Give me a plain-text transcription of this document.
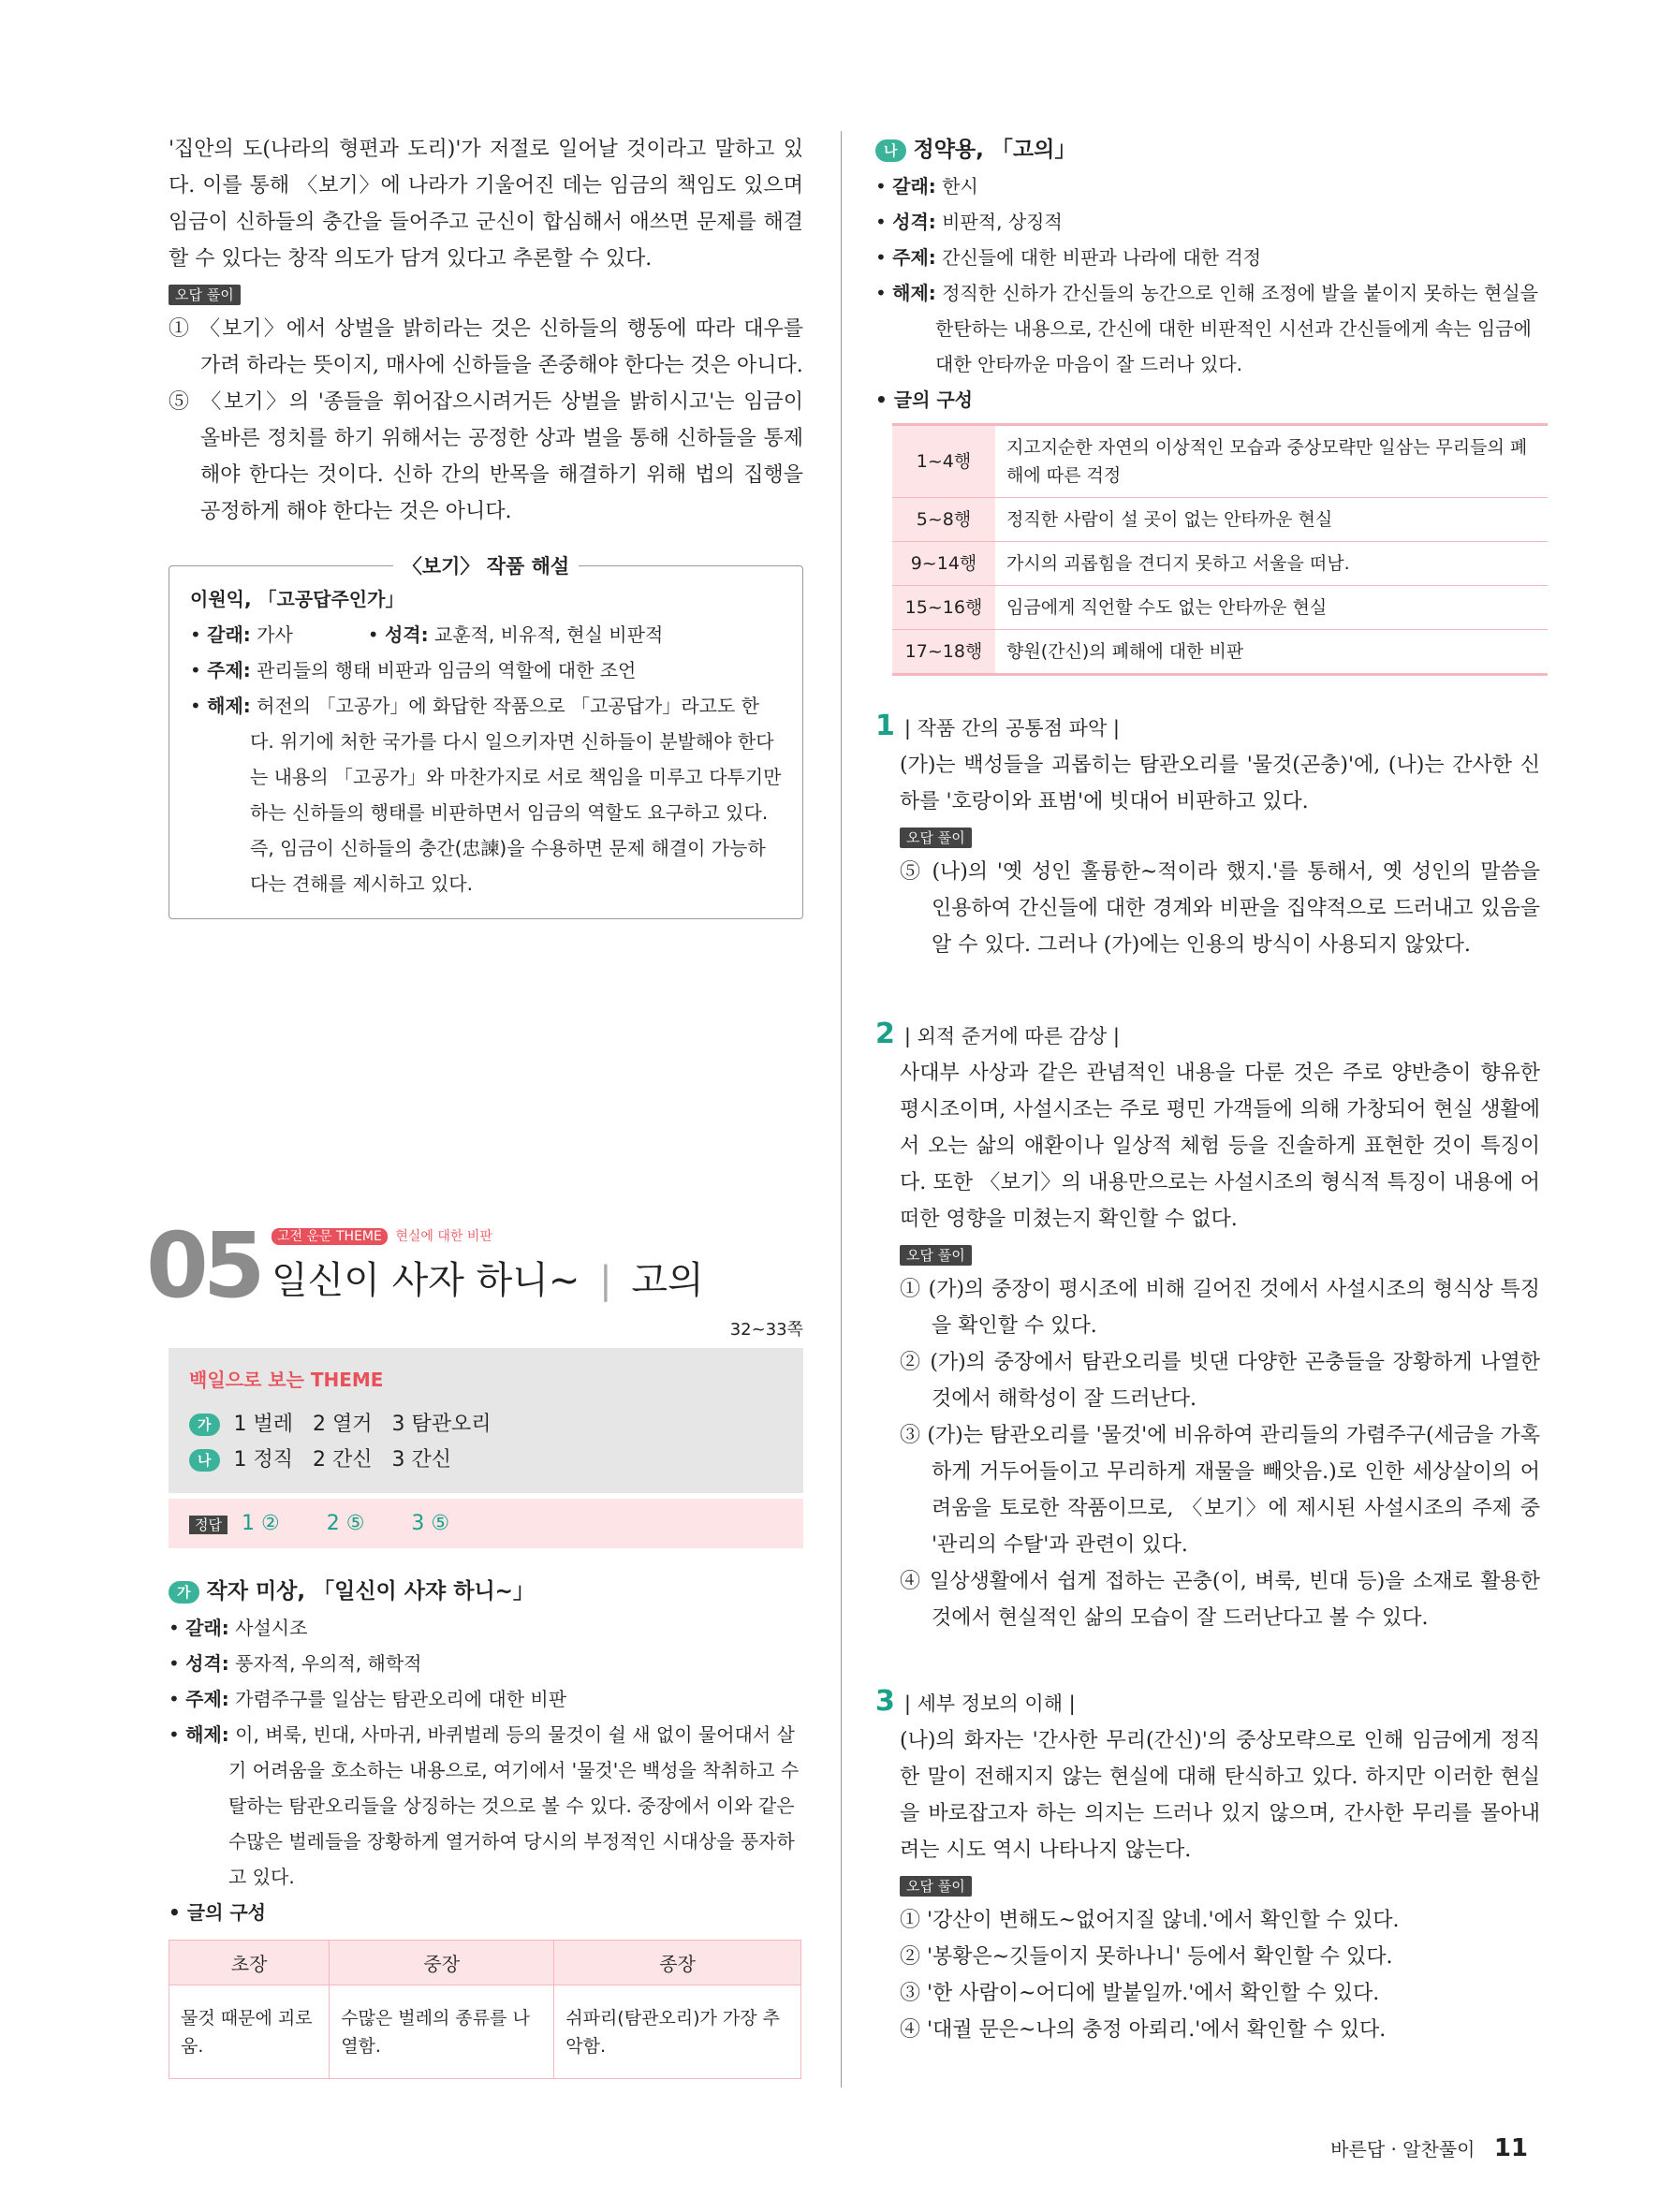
'집안의 도(나라의 형편과 도리)'가 저절로 일어날 것이라고 말하고 있다. 이를 통해 〈보기〉에 나라가 기울어진 데는 임금의 책임도 있으며 임금이 신하들의 충간을 들어주고 군신이 합심해서 애쓰면 문제를 해결할 수 있다는 창작 의도가 담겨 있다고 추론할 수 있다.

오답 풀이

① 〈보기〉에서 상벌을 밝히라는 것은 신하들의 행동에 따라 대우를 가려 하라는 뜻이지, 매사에 신하들을 존중해야 한다는 것은 아니다.

⑤ 〈보기〉의 '종들을 휘어잡으시려거든 상벌을 밝히시고'는 임금이 올바른 정치를 하기 위해서는 공정한 상과 벌을 통해 신하들을 통제해야 한다는 것이다. 신하 간의 반목을 해결하기 위해 법의 집행을 공정하게 해야 한다는 것은 아니다.

〈보기〉 작품 해설
이원익, 「고공답주인가」
• 갈래: 가사	• 성격: 교훈적, 비유적, 현실 비판적
• 주제: 관리들의 행태 비판과 임금의 역할에 대한 조언
• 해제: 허전의 「고공가」에 화답한 작품으로 「고공답가」라고도 한다. 위기에 처한 국가를 다시 일으키자면 신하들이 분발해야 한다는 내용의 「고공가」와 마찬가지로 서로 책임을 미루고 다투기만 하는 신하들의 행태를 비판하면서 임금의 역할도 요구하고 있다. 즉, 임금이 신하들의 충간(忠諫)을 수용하면 문제 해결이 가능하다는 견해를 제시하고 있다.
05	고전 운문 THEME 현실에 대한 비판
일신이 사자 하니~ | 고의
32~33쪽
백일으로 보는 THEME
가 1 벌레 2 열거 3 탐관오리
나 1 정직 2 간신 3 간신
정답 1 ② 2 ⑤ 3 ⑤
가 작자 미상, 「일신이 사쟈 하니~」
• 갈래: 사설시조
• 성격: 풍자적, 우의적, 해학적
• 주제: 가렴주구를 일삼는 탐관오리에 대한 비판
• 해제: 이, 벼룩, 빈대, 사마귀, 바퀴벌레 등의 물것이 쉴 새 없이 물어대서 살기 어려움을 호소하는 내용으로, 여기에서 '물것'은 백성을 착취하고 수탈하는 탐관오리들을 상징하는 것으로 볼 수 있다. 중장에서 이와 같은 수많은 벌레들을 장황하게 열거하여 당시의 부정적인 시대상을 풍자하고 있다.
• 글의 구성
초장	중장	종장
물것 때문에 괴로움.	수많은 벌레의 종류를 나열함.	쉬파리(탐관오리)가 가장 추악함.
나 정약용, 「고의」
• 갈래: 한시
• 성격: 비판적, 상징적
• 주제: 간신들에 대한 비판과 나라에 대한 걱정
• 해제: 정직한 신하가 간신들의 농간으로 인해 조정에 발을 붙이지 못하는 현실을 한탄하는 내용으로, 간신에 대한 비판적인 시선과 간신들에게 속는 임금에 대한 안타까운 마음이 잘 드러나 있다.
• 글의 구성
1~4행	지고지순한 자연의 이상적인 모습과 중상모략만 일삼는 무리들의 폐해에 따른 걱정
5~8행	정직한 사람이 설 곳이 없는 안타까운 현실
9~14행	가시의 괴롭힘을 견디지 못하고 서울을 떠남.
15~16행	임금에게 직언할 수도 없는 안타까운 현실
17~18행	향원(간신)의 폐해에 대한 비판
1 | 작품 간의 공통점 파악 |

(가)는 백성들을 괴롭히는 탐관오리를 '물것(곤충)'에, (나)는 간사한 신하를 '호랑이와 표범'에 빗대어 비판하고 있다.

오답 풀이

⑤ (나)의 '옛 성인 훌륭한~적이라 했지.'를 통해서, 옛 성인의 말씀을 인용하여 간신들에 대한 경계와 비판을 집약적으로 드러내고 있음을 알 수 있다. 그러나 (가)에는 인용의 방식이 사용되지 않았다.

2 | 외적 준거에 따른 감상 |

사대부 사상과 같은 관념적인 내용을 다룬 것은 주로 양반층이 향유한 평시조이며, 사설시조는 주로 평민 가객들에 의해 가창되어 현실 생활에서 오는 삶의 애환이나 일상적 체험 등을 진솔하게 표현한 것이 특징이다. 또한 〈보기〉의 내용만으로는 사설시조의 형식적 특징이 내용에 어떠한 영향을 미쳤는지 확인할 수 없다.

오답 풀이

① (가)의 중장이 평시조에 비해 길어진 것에서 사설시조의 형식상 특징을 확인할 수 있다.

② (가)의 중장에서 탐관오리를 빗댄 다양한 곤충들을 장황하게 나열한 것에서 해학성이 잘 드러난다.

③ (가)는 탐관오리를 '물것'에 비유하여 관리들의 가렴주구(세금을 가혹하게 거두어들이고 무리하게 재물을 빼앗음.)로 인한 세상살이의 어려움을 토로한 작품이므로, 〈보기〉에 제시된 사설시조의 주제 중 '관리의 수탈'과 관련이 있다.

④ 일상생활에서 쉽게 접하는 곤충(이, 벼룩, 빈대 등)을 소재로 활용한 것에서 현실적인 삶의 모습이 잘 드러난다고 볼 수 있다.

3 | 세부 정보의 이해 |

(나)의 화자는 '간사한 무리(간신)'의 중상모략으로 인해 임금에게 정직한 말이 전해지지 않는 현실에 대해 탄식하고 있다. 하지만 이러한 현실을 바로잡고자 하는 의지는 드러나 있지 않으며, 간사한 무리를 몰아내려는 시도 역시 나타나지 않는다.

오답 풀이

① '강산이 변해도~없어지질 않네.'에서 확인할 수 있다.

② '봉황은~깃들이지 못하나니' 등에서 확인할 수 있다.

③ '한 사람이~어디에 발붙일까.'에서 확인할 수 있다.

④ '대궐 문은~나의 충정 아뢰리.'에서 확인할 수 있다.

바른답 · 알찬풀이 11
